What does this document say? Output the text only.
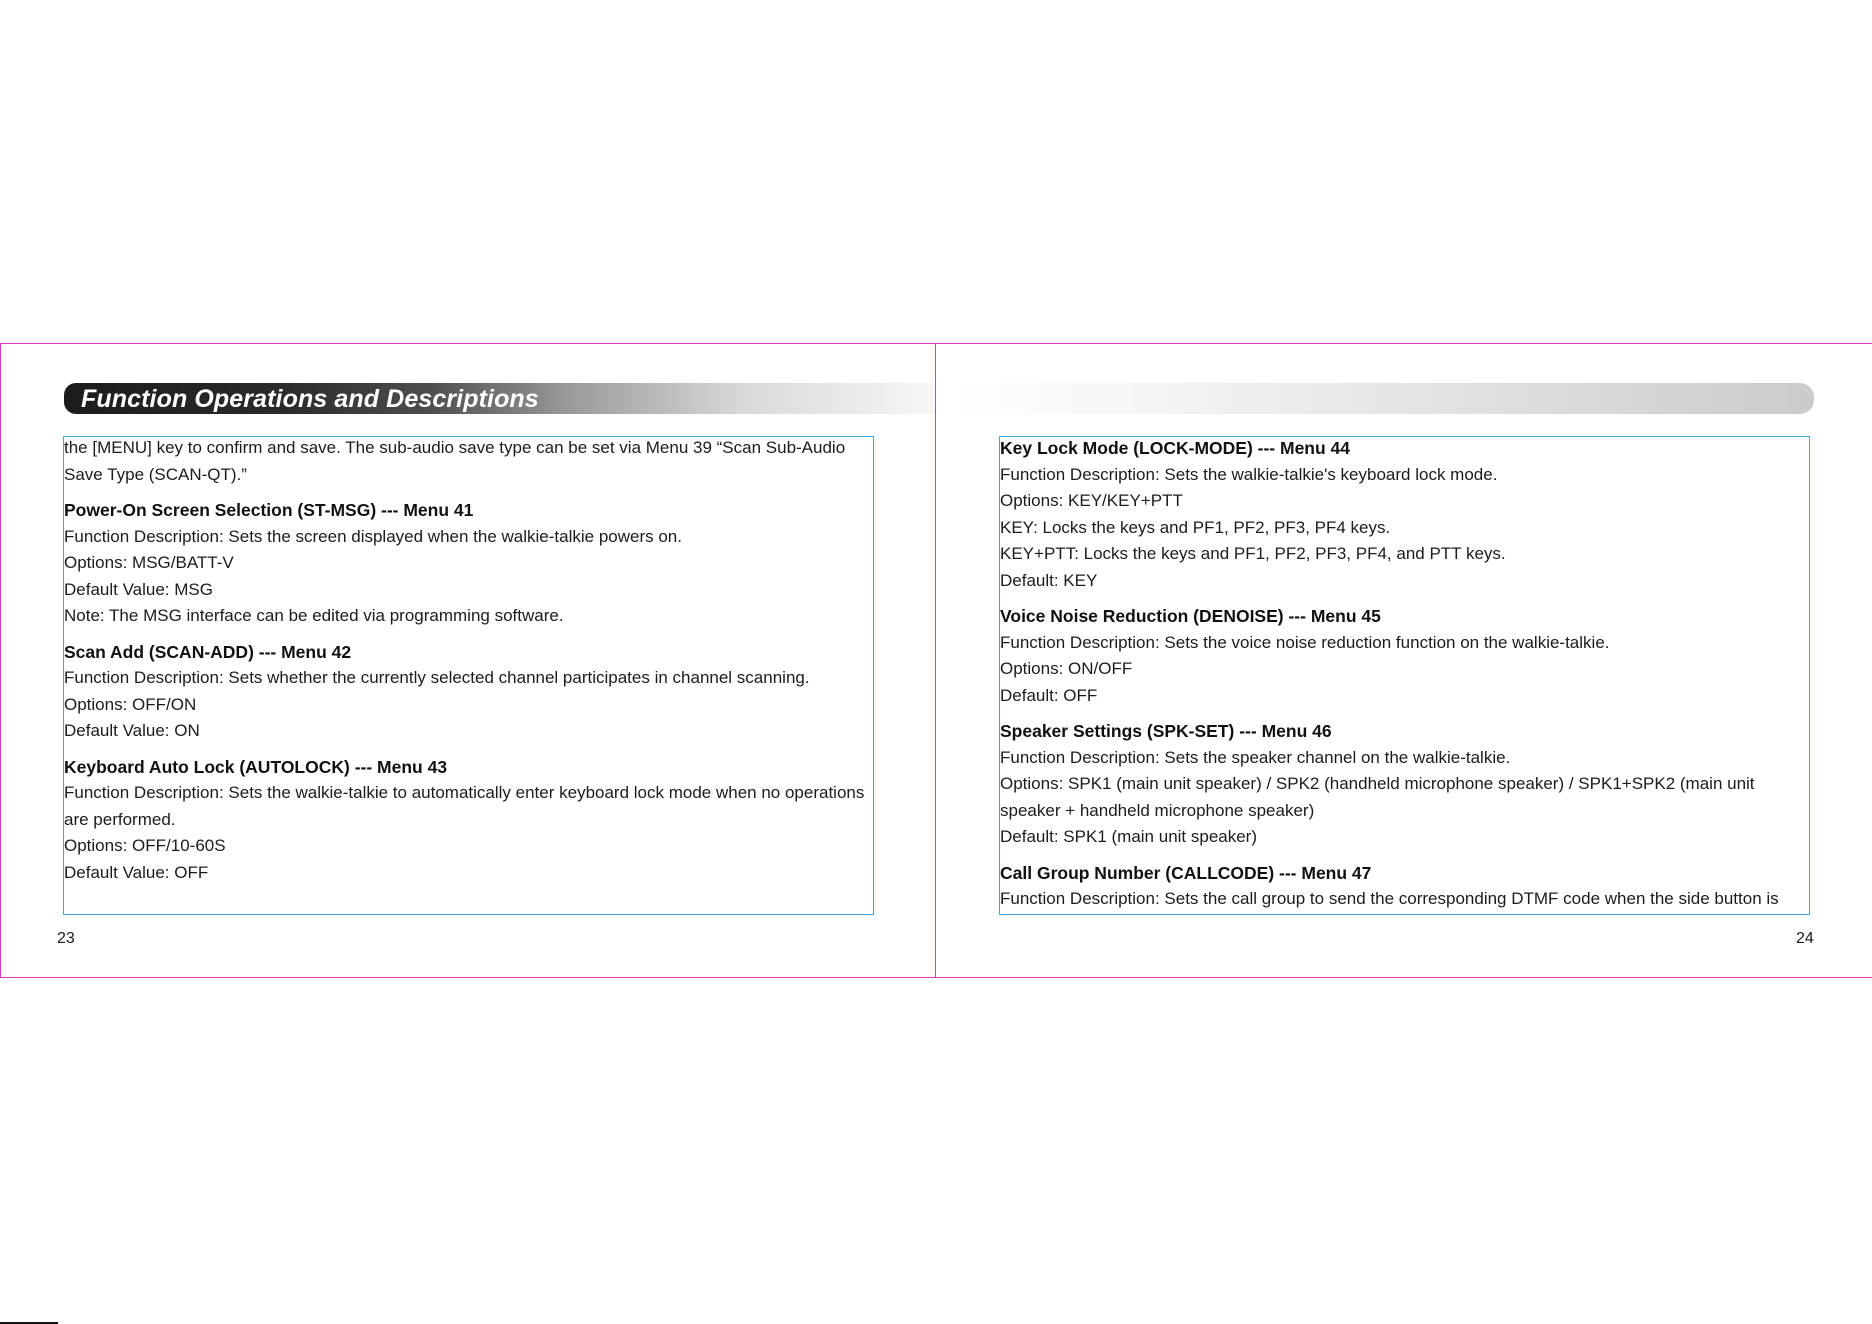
Function Operations and Descriptions

the [MENU] key to confirm and save. The sub-audio save type can be set via Menu 39 “Scan Sub-Audio Save Type (SCAN-QT).”

Power-On Screen Selection (ST-MSG) --- Menu 41

Function Description: Sets the screen displayed when the walkie-talkie powers on.

Options: MSG/BATT-V

Default Value: MSG

Note: The MSG interface can be edited via programming software.

Scan Add (SCAN-ADD) --- Menu 42

Function Description: Sets whether the currently selected channel participates in channel scanning.

Options: OFF/ON

Default Value: ON

Keyboard Auto Lock (AUTOLOCK) --- Menu 43

Function Description: Sets the walkie-talkie to automatically enter keyboard lock mode when no operations are performed.

Options: OFF/10-60S

Default Value: OFF

Key Lock Mode (LOCK-MODE) --- Menu 44

Function Description: Sets the walkie-talkie's keyboard lock mode.

Options: KEY/KEY+PTT

KEY: Locks the keys and PF1, PF2, PF3, PF4 keys.

KEY+PTT: Locks the keys and PF1, PF2, PF3, PF4, and PTT keys.

Default: KEY

Voice Noise Reduction (DENOISE) --- Menu 45

Function Description: Sets the voice noise reduction function on the walkie-talkie.

Options: ON/OFF

Default: OFF

Speaker Settings (SPK-SET) --- Menu 46

Function Description: Sets the speaker channel on the walkie-talkie.

Options: SPK1 (main unit speaker) / SPK2 (handheld microphone speaker) / SPK1+SPK2 (main unit speaker + handheld microphone speaker)

Default: SPK1 (main unit speaker)

Call Group Number (CALLCODE) --- Menu 47

Function Description: Sets the call group to send the corresponding DTMF code when the side button is

23	24
